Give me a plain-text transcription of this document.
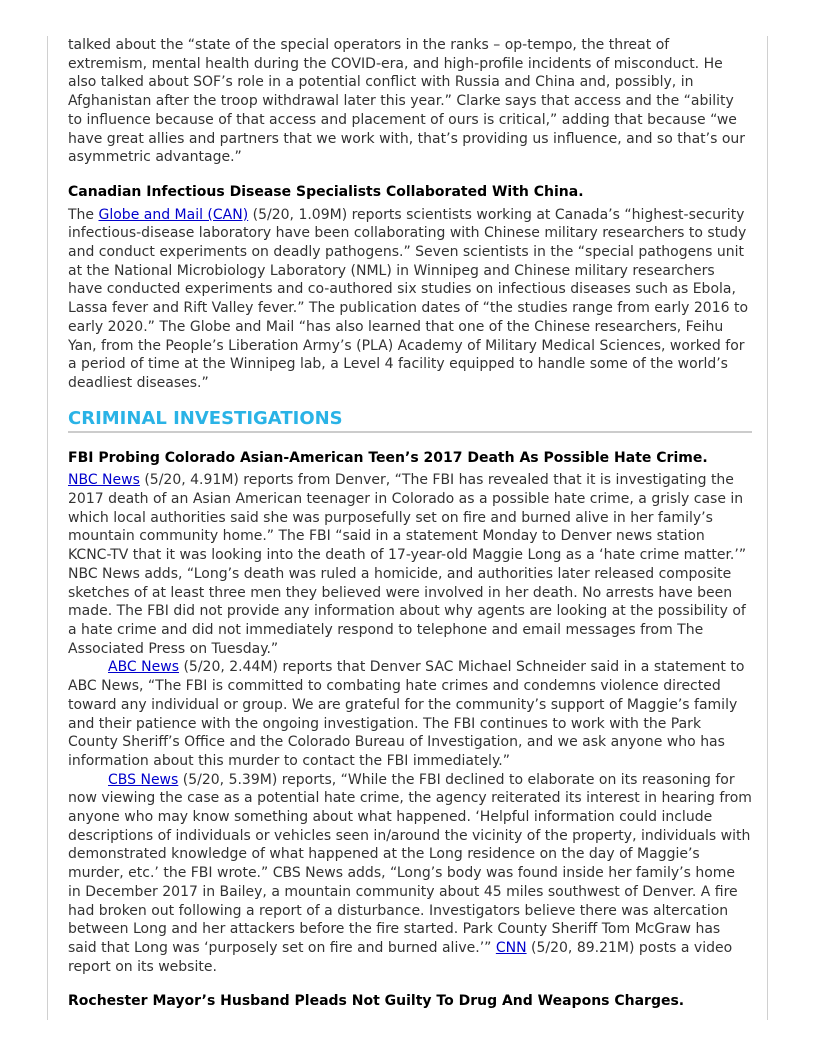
talked about the “state of the special operators in the ranks – op-tempo, the threat of extremism, mental health during the COVID-era, and high-profile incidents of misconduct. He also talked about SOF’s role in a potential conflict with Russia and China and, possibly, in Afghanistan after the troop withdrawal later this year.” Clarke says that access and the “ability to influence because of that access and placement of ours is critical,” adding that because “we have great allies and partners that we work with, that’s providing us influence, and so that’s our asymmetric advantage.”

Canadian Infectious Disease Specialists Collaborated With China.

The Globe and Mail (CAN) (5/20, 1.09M) reports scientists working at Canada’s “highest-security infectious-disease laboratory have been collaborating with Chinese military researchers to study and conduct experiments on deadly pathogens.” Seven scientists in the “special pathogens unit at the National Microbiology Laboratory (NML) in Winnipeg and Chinese military researchers have conducted experiments and co-authored six studies on infectious diseases such as Ebola, Lassa fever and Rift Valley fever.” The publication dates of “the studies range from early 2016 to early 2020.” The Globe and Mail “has also learned that one of the Chinese researchers, Feihu Yan, from the People’s Liberation Army’s (PLA) Academy of Military Medical Sciences, worked for a period of time at the Winnipeg lab, a Level 4 facility equipped to handle some of the world’s deadliest diseases.”

CRIMINAL INVESTIGATIONS
FBI Probing Colorado Asian-American Teen’s 2017 Death As Possible Hate Crime.

NBC News (5/20, 4.91M) reports from Denver, “The FBI has revealed that it is investigating the 2017 death of an Asian American teenager in Colorado as a possible hate crime, a grisly case in which local authorities said she was purposefully set on fire and burned alive in her family’s mountain community home.” The FBI “said in a statement Monday to Denver news station KCNC-TV that it was looking into the death of 17-year-old Maggie Long as a ‘hate crime matter.’” NBC News adds, “Long’s death was ruled a homicide, and authorities later released composite sketches of at least three men they believed were involved in her death. No arrests have been made. The FBI did not provide any information about why agents are looking at the possibility of a hate crime and did not immediately respond to telephone and email messages from The Associated Press on Tuesday.”

ABC News (5/20, 2.44M) reports that Denver SAC Michael Schneider said in a statement to ABC News, “The FBI is committed to combating hate crimes and condemns violence directed toward any individual or group. We are grateful for the community’s support of Maggie’s family and their patience with the ongoing investigation. The FBI continues to work with the Park County Sheriff’s Office and the Colorado Bureau of Investigation, and we ask anyone who has information about this murder to contact the FBI immediately.”

CBS News (5/20, 5.39M) reports, “While the FBI declined to elaborate on its reasoning for now viewing the case as a potential hate crime, the agency reiterated its interest in hearing from anyone who may know something about what happened. ‘Helpful information could include descriptions of individuals or vehicles seen in/around the vicinity of the property, individuals with demonstrated knowledge of what happened at the Long residence on the day of Maggie’s murder, etc.’ the FBI wrote.” CBS News adds, “Long’s body was found inside her family’s home in December 2017 in Bailey, a mountain community about 45 miles southwest of Denver. A fire had broken out following a report of a disturbance. Investigators believe there was altercation between Long and her attackers before the fire started. Park County Sheriff Tom McGraw has said that Long was ‘purposely set on fire and burned alive.’” CNN (5/20, 89.21M) posts a video report on its website.

Rochester Mayor’s Husband Pleads Not Guilty To Drug And Weapons Charges.
